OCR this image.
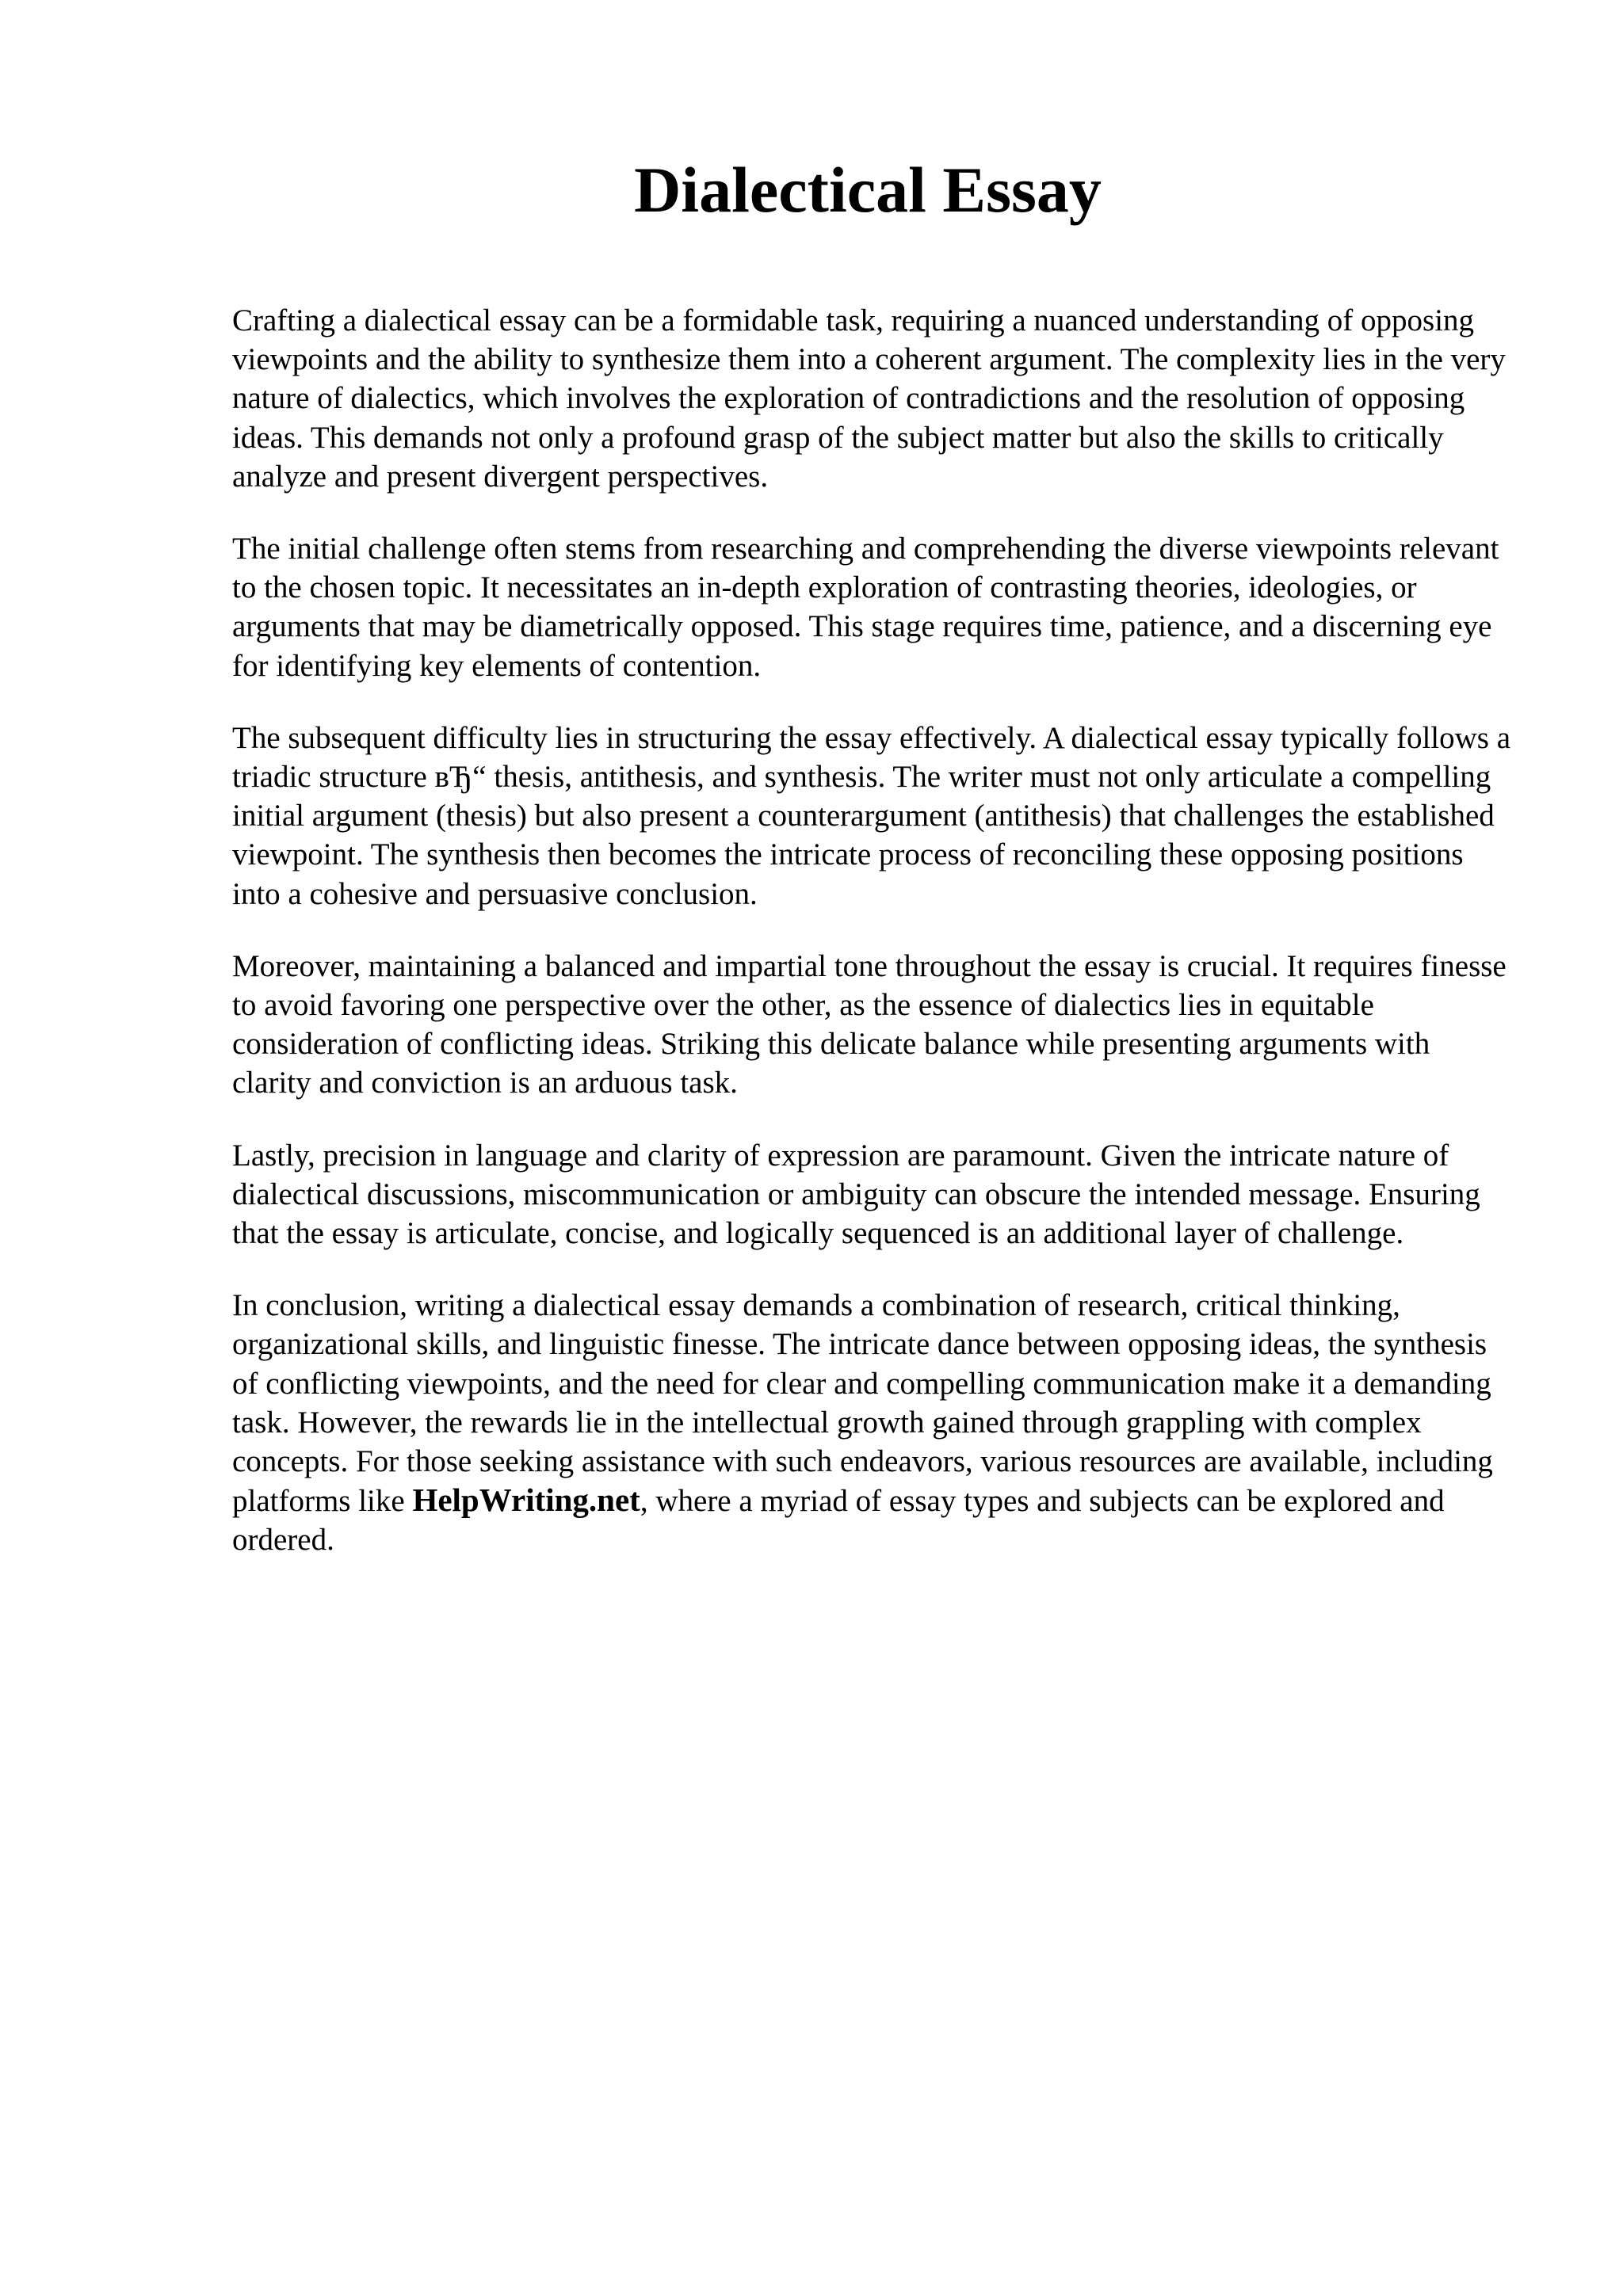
Dialectical Essay

Crafting a dialectical essay can be a formidable task, requiring a nuanced understanding of opposing viewpoints and the ability to synthesize them into a coherent argument. The complexity lies in the very nature of dialectics, which involves the exploration of contradictions and the resolution of opposing ideas. This demands not only a profound grasp of the subject matter but also the skills to critically analyze and present divergent perspectives.

The initial challenge often stems from researching and comprehending the diverse viewpoints relevant to the chosen topic. It necessitates an in-depth exploration of contrasting theories, ideologies, or arguments that may be diametrically opposed. This stage requires time, patience, and a discerning eye for identifying key elements of contention.

The subsequent difficulty lies in structuring the essay effectively. A dialectical essay typically follows a triadic structure вЂ“ thesis, antithesis, and synthesis. The writer must not only articulate a compelling initial argument (thesis) but also present a counterargument (antithesis) that challenges the established viewpoint. The synthesis then becomes the intricate process of reconciling these opposing positions into a cohesive and persuasive conclusion.

Moreover, maintaining a balanced and impartial tone throughout the essay is crucial. It requires finesse to avoid favoring one perspective over the other, as the essence of dialectics lies in equitable consideration of conflicting ideas. Striking this delicate balance while presenting arguments with clarity and conviction is an arduous task.

Lastly, precision in language and clarity of expression are paramount. Given the intricate nature of dialectical discussions, miscommunication or ambiguity can obscure the intended message. Ensuring that the essay is articulate, concise, and logically sequenced is an additional layer of challenge.

In conclusion, writing a dialectical essay demands a combination of research, critical thinking, organizational skills, and linguistic finesse. The intricate dance between opposing ideas, the synthesis of conflicting viewpoints, and the need for clear and compelling communication make it a demanding task. However, the rewards lie in the intellectual growth gained through grappling with complex concepts. For those seeking assistance with such endeavors, various resources are available, including platforms like HelpWriting.net, where a myriad of essay types and subjects can be explored and ordered.
